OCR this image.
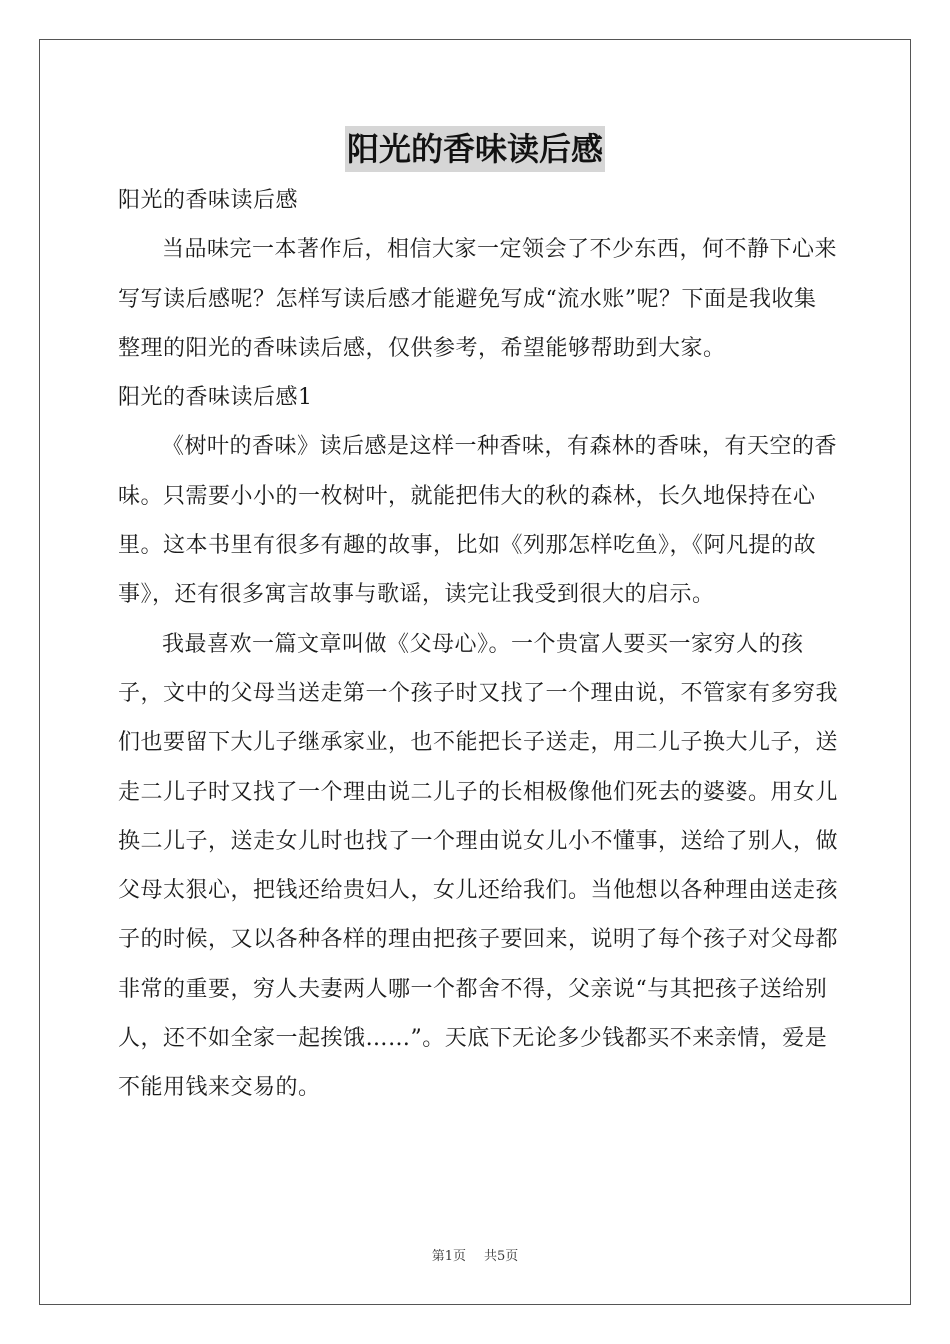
阳光的香味读后感

阳光的香味读后感

当品味完一本著作后，相信大家一定领会了不少东西，何不静下心来写写读后感呢？怎样写读后感才能避免写成“流水账”呢？下面是我收集整理的阳光的香味读后感，仅供参考，希望能够帮助到大家。

阳光的香味读后感1

《树叶的香味》读后感是这样一种香味，有森林的香味，有天空的香味。只需要小小的一枚树叶，就能把伟大的秋的森林，长久地保持在心里。这本书里有很多有趣的故事，比如《列那怎样吃鱼》，《阿凡提的故事》，还有很多寓言故事与歌谣，读完让我受到很大的启示。

我最喜欢一篇文章叫做《父母心》。一个贵富人要买一家穷人的孩子，文中的父母当送走第一个孩子时又找了一个理由说，不管家有多穷我们也要留下大儿子继承家业，也不能把长子送走，用二儿子换大儿子，送走二儿子时又找了一个理由说二儿子的长相极像他们死去的婆婆。用女儿换二儿子，送走女儿时也找了一个理由说女儿小不懂事，送给了别人，做父母太狠心，把钱还给贵妇人，女儿还给我们。当他想以各种理由送走孩子的时候，又以各种各样的理由把孩子要回来，说明了每个孩子对父母都非常的重要，穷人夫妻两人哪一个都舍不得，父亲说“与其把孩子送给别人，还不如全家一起挨饿……”。天底下无论多少钱都买不来亲情，爱是不能用钱来交易的。

第1页 共5页
